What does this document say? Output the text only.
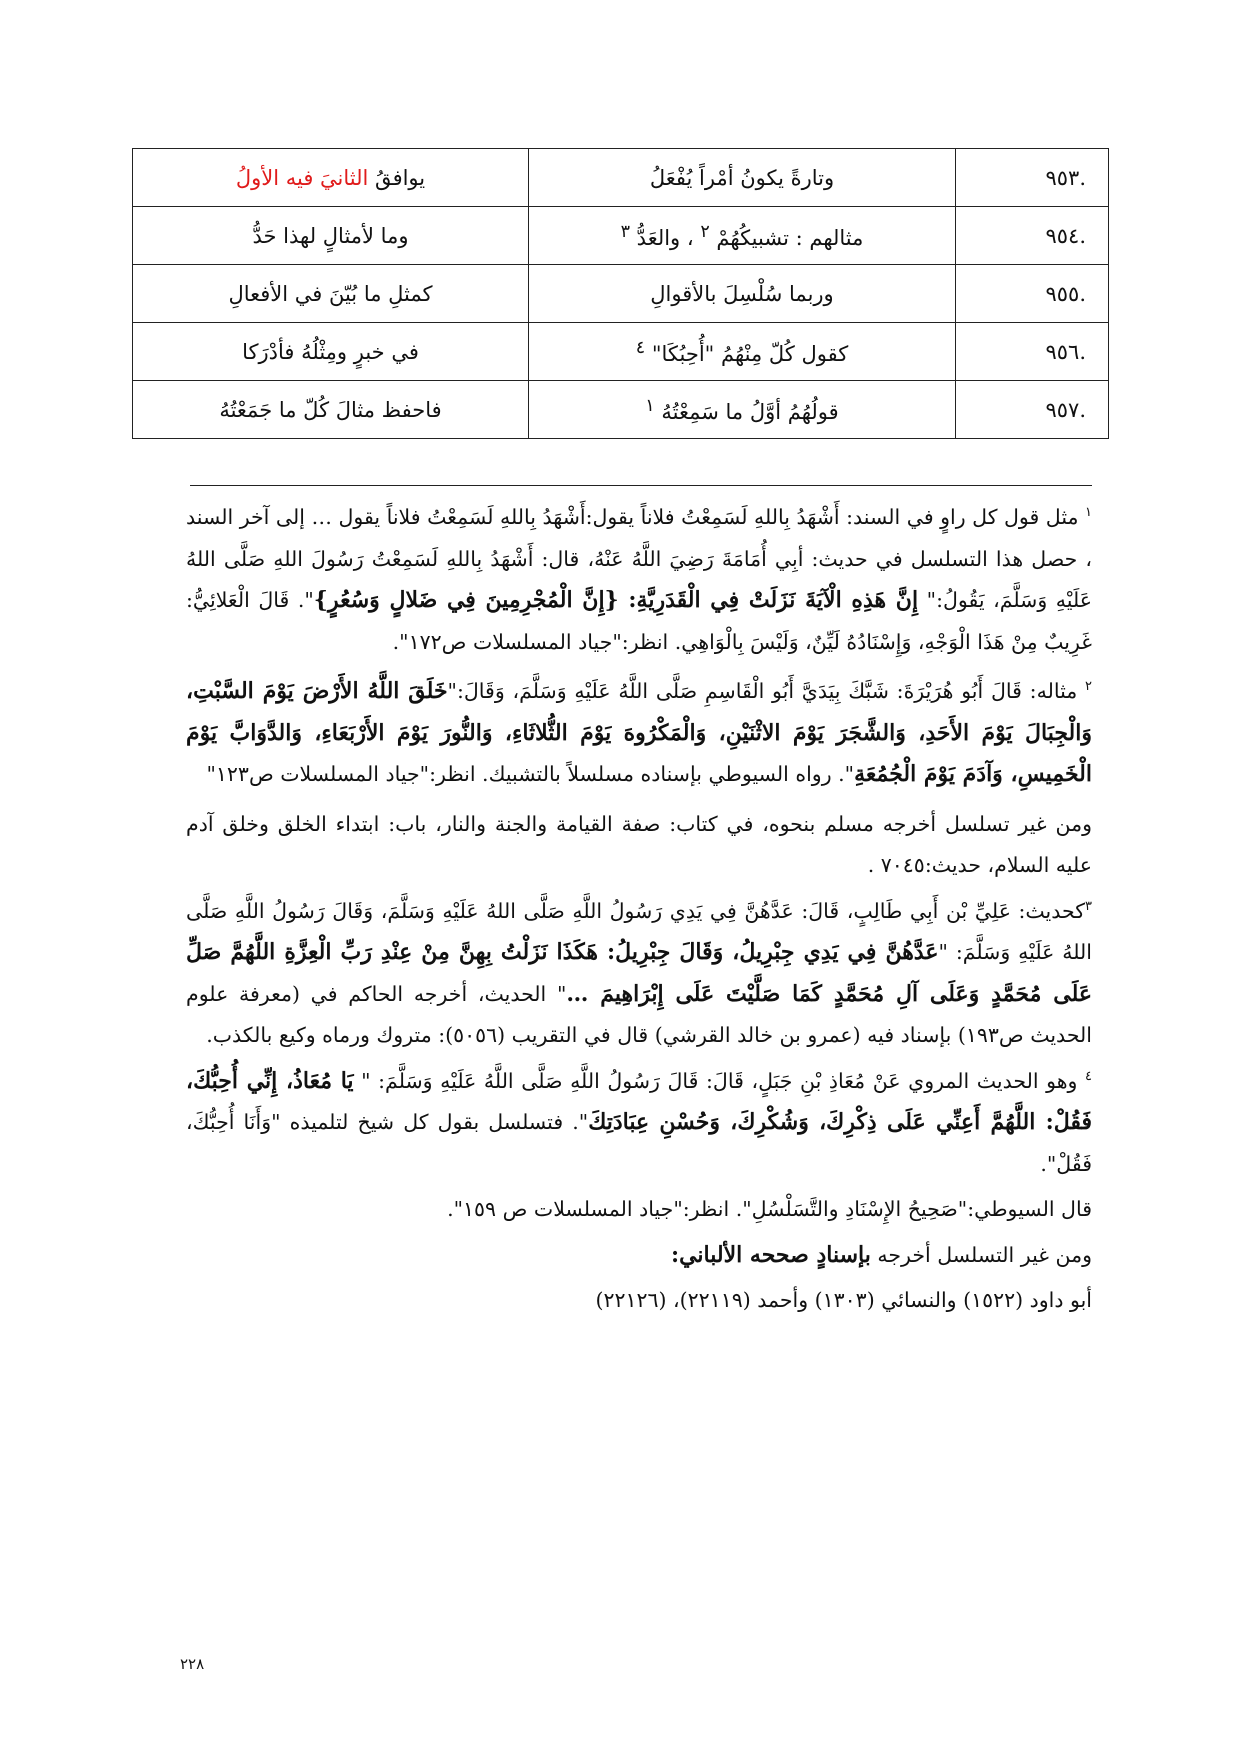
.٩٥٣	وتارةً يكونُ أمْراً يُفْعَلُ	يوافقُ الثانيَ فيه الأولُ
.٩٥٤	مثالهم : تشبيكُهُمْ $^٢$ ، والعَدُّ $^٣$	وما لأمثالٍ لهذا حَدُّ
.٩٥٥	وربما سُلْسِلَ بالأقوالِ	كمثلِ ما بُيّنَ في الأفعالِ
.٩٥٦	كقول كُلّ مِنْهُمُ "أُحِبُكَا" $^٤$	في خبرٍ ومِثْلُهُ فأدْرَكا
.٩٥٧	قولُهُمُ أوَّلُ ما سَمِعْتُهُ $^١$	فاحفظ مثالَ كُلّ ما جَمَعْتُهُ

$^١$ مثل قول كل راوٍ في السند: أَشْهَدُ بِاللهِ لَسَمِعْتُ فلاناً يقول:أَشْهَدُ بِاللهِ لَسَمِعْتُ فلاناً يقول … إلى آخر السند ، حصل هذا التسلسل في حديث: أبِي أُمَامَةَ رَضِيَ اللَّهُ عَنْهُ، قال: أَشْهَدُ بِاللهِ لَسَمِعْتُ رَسُولَ اللهِ صَلَّى اللهُ عَلَيْهِ وَسَلَّمَ، يَقُولُ:" إِنَّ هَذِهِ الْآيَةَ نَزَلَتْ فِي الْقَدَرِيَّةِ: {إِنَّ الْمُجْرِمِينَ فِي ضَلالٍ وَسُعُرٍ}". قَالَ الْعَلائِيُّ: غَرِيبٌ مِنْ هَذَا الْوَجْهِ، وَإِسْنَادُهُ لَيِّنٌ، وَلَيْسَ بِالْوَاهِي. انظر:"جياد المسلسلات ص١٧٢".

$^٢$ مثاله: قَالَ أَبُو هُرَيْرَةَ: شَبَّكَ بِيَدَيَّ أَبُو الْقَاسِمِ صَلَّى اللَّهُ عَلَيْهِ وَسَلَّمَ، وَقَالَ:"خَلَقَ اللَّهُ الأَرْضَ يَوْمَ السَّبْتِ، وَالْجِبَالَ يَوْمَ الأَحَدِ، وَالشَّجَرَ يَوْمَ الاثْنَيْنِ، وَالْمَكْرُوهَ يَوْمَ الثُّلاثَاءِ، وَالنُّورَ يَوْمَ الأَرْبَعَاءِ، وَالدَّوَابَّ يَوْمَ الْخَمِيسِ، وَآدَمَ يَوْمَ الْجُمُعَةِ". رواه السيوطي بإسناده مسلسلاً بالتشبيك. انظر:"جياد المسلسلات ص١٢٣"

ومن غير تسلسل أخرجه مسلم بنحوه، في كتاب: صفة القيامة والجنة والنار، باب: ابتداء الخلق وخلق آدم عليه السلام، حديث:٧٠٤٥ .

$^٣$كحديث: عَلِيِّ بْن أَبِي طَالِبٍ، قَالَ: عَدَّهُنَّ فِي يَدِي رَسُولُ اللَّهِ صَلَّى اللهُ عَلَيْهِ وَسَلَّمَ، وَقَالَ رَسُولُ اللَّهِ صَلَّى اللهُ عَلَيْهِ وَسَلَّمَ: "عَدَّهُنَّ فِي يَدِي جِبْرِيلُ، وَقَالَ جِبْرِيلُ: هَكَذَا نَزَلْتُ بِهِنَّ مِنْ عِنْدِ رَبِّ الْعِزَّةِ اللَّهُمَّ صَلِّ عَلَى مُحَمَّدٍ وَعَلَى آلِ مُحَمَّدٍ كَمَا صَلَّيْتَ عَلَى إِبْرَاهِيمَ …" الحديث، أخرجه الحاكم في (معرفة علوم الحديث ص١٩٣) بإسناد فيه (عمرو بن خالد القرشي) قال في التقريب (٥٠٥٦): متروك ورماه وكيع بالكذب.

$^٤$ وهو الحديث المروي عَنْ مُعَاذِ بْنِ جَبَلٍ، قَالَ: قَالَ رَسُولُ اللَّهِ صَلَّى اللَّهُ عَلَيْهِ وَسَلَّمَ: " يَا مُعَاذُ، إِنِّي أُحِبُّكَ، فَقُلْ: اللَّهُمَّ أَعِنِّي عَلَى ذِكْرِكَ، وَشُكْرِكَ، وَحُسْنِ عِبَادَتِكَ". فتسلسل بقول كل شيخ لتلميذه "وَأَنَا أُحِبُّكَ، فَقُلْ".

قال السيوطي:"صَحِيحُ الإِسْنَادِ والتَّسَلْسُلِ". انظر:"جياد المسلسلات ص ١٥٩".

ومن غير التسلسل أخرجه بإسنادٍ صححه الألباني:

أبو داود (١٥٢٢) والنسائي (١٣٠٣) وأحمد (٢٢١١٩)، (٢٢١٢٦)

٢٢٨
